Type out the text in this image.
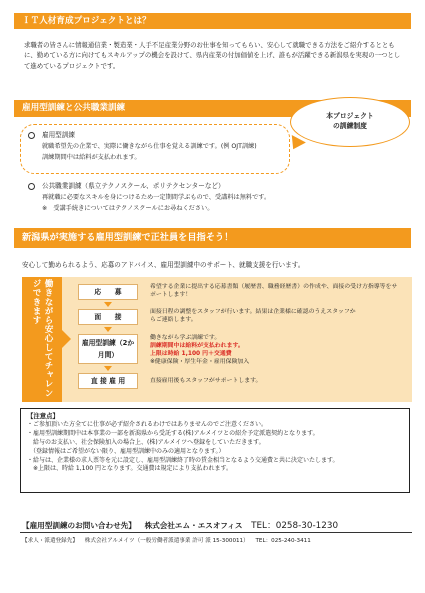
ＩＴ人材育成プロジェクトとは？
求職者の皆さんに情報通信業・製造業・人手不足産業分野のお仕事を知ってもらい、安心して就職できる方法をご紹介するとともに、勤めている方に向けてもスキルアップの機会を設けて、県内産業の付加価値を上げ、誰もが活躍できる新潟県を実現の一つとして進めているプロジェクトです。
雇用型訓練と公共職業訓練
本プロジェクト
の訓練制度
雇用型訓練
就職希望先の企業で、実際に働きながら仕事を覚える訓練です。(例 OJT訓練)
訓練期間中は給料が支払われます。
公共職業訓練（県立テクノスクール、ポリテクセンターなど）
再就職に必要なスキルを身につけるため一定期間学ぶもので、受講料は無料です。
※　受講手続きについてはテクノスクールにお尋ねください。
新潟県が実施する雇用型訓練で正社員を目指そう！
安心して勤められるよう、応募のアドバイス、雇用型訓練中のサポート、就職支援を行います。
働きながら安心してチャレンジできます	応　　募
希望する企業に提出する応募書類（履歴書、職務経歴書）の作成や、面接の受け方指導等をサポートします！
面　　接
面接日程の調整をスタッフが行います。結果は企業様に確認のうえスタッフからご連絡します。
雇用型訓練（2か月間）
働きながら学ぶ訓練です。
訓練期間中は給料が支払われます。
上限は時給 1,100 円＋交通費
※健康保険・厚生年金・雇用保険加入
直 接 雇 用	直接雇用後もスタッフがサポートします。
【注意点】
・ご参加頂いた方全てに仕事が必ず紹介されるわけではありませんのでご注意ください。
・雇用型訓練期間中は本事業の一部を新潟県から受託する(株)アルメイツとの紹介予定派遣契約となります。
　給与のお支払い、社会保険加入の場合上、(株)アルメイツへ登録をしていただきます。
　（登録情報はご希望がない限り、雇用型訓練中のみの適用となります。）
・給与は、企業様の求人票等を元に設定し、雇用型訓練終了時の賃金相当となるよう交通費と共に決定いたします。
　※上限は、時給 1,100 円となります。交通費は規定により支払われます。
【雇用型訓練のお問い合わせ先】 株式会社エム・エスオフィス TEL：0258-30-1230
【求人・派遣登録先】 株式会社アルメイツ（一般労働者派遣事業 許可 派 15-300011） TEL：025-240-3411
